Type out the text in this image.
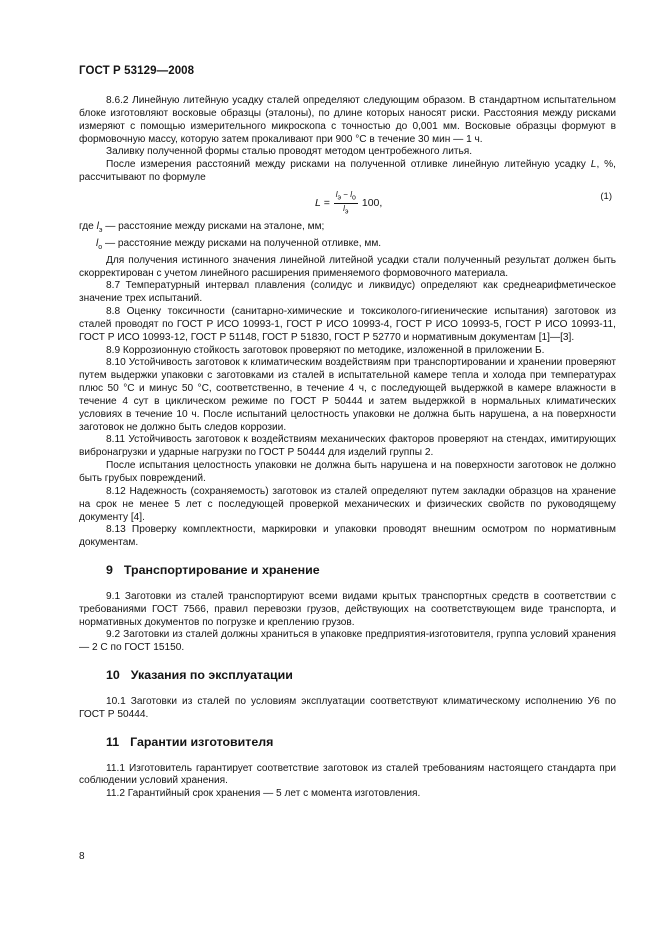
ГОСТ Р 53129—2008

8.6.2 Линейную литейную усадку сталей определяют следующим образом. В стандартном испытательном блоке изготовляют восковые образцы (эталоны), по длине которых наносят риски. Расстояния между рисками измеряют с помощью измерительного микроскопа с точностью до 0,001 мм. Восковые образцы формуют в формовочную массу, которую затем прокаливают при 900 °С в течение 30 мин — 1 ч.

Заливку полученной формы сталью проводят методом центробежного литья.

После измерения расстояний между рисками на полученной отливке линейную литейную усадку L, %, рассчитывают по формуле

$L = \frac{l_э - l_о}{l_э} 100$,
(1)

где $l_э$ — расстояние между рисками на эталоне, мм;

$l_о$ — расстояние между рисками на полученной отливке, мм.

Для получения истинного значения линейной литейной усадки стали полученный результат должен быть скорректирован с учетом линейного расширения применяемого формовочного материала.

8.7 Температурный интервал плавления (солидус и ликвидус) определяют как среднеарифметическое значение трех испытаний.

8.8 Оценку токсичности (санитарно-химические и токсиколого-гигиенические испытания) заготовок из сталей проводят по ГОСТ Р ИСО 10993-1, ГОСТ Р ИСО 10993-4, ГОСТ Р ИСО 10993-5, ГОСТ Р ИСО 10993-11, ГОСТ Р ИСО 10993-12, ГОСТ Р 51148, ГОСТ Р 51830, ГОСТ Р 52770 и нормативным документам [1]—[3].

8.9 Коррозионную стойкость заготовок проверяют по методике, изложенной в приложении Б.

8.10 Устойчивость заготовок к климатическим воздействиям при транспортировании и хранении проверяют путем выдержки упаковки с заготовками из сталей в испытательной камере тепла и холода при температурах плюс 50 °С и минус 50 °С, соответственно, в течение 4 ч, с последующей выдержкой в камере влажности в течение 4 сут в циклическом режиме по ГОСТ Р 50444 и затем выдержкой в нормальных климатических условиях в течение 10 ч. После испытаний целостность упаковки не должна быть нарушена, а на поверхности заготовок не должно быть следов коррозии.

8.11 Устойчивость заготовок к воздействиям механических факторов проверяют на стендах, имитирующих вибронагрузки и ударные нагрузки по ГОСТ Р 50444 для изделий группы 2.

После испытания целостность упаковки не должна быть нарушена и на поверхности заготовок не должно быть грубых повреждений.

8.12 Надежность (сохраняемость) заготовок из сталей определяют путем закладки образцов на хранение на срок не менее 5 лет с последующей проверкой механических и физических свойств по руководящему документу [4].

8.13 Проверку комплектности, маркировки и упаковки проводят внешним осмотром по нормативным документам.

9 Транспортирование и хранение

9.1 Заготовки из сталей транспортируют всеми видами крытых транспортных средств в соответствии с требованиями ГОСТ 7566, правил перевозки грузов, действующих на соответствующем виде транспорта, и нормативных документов по погрузке и креплению грузов.

9.2 Заготовки из сталей должны храниться в упаковке предприятия-изготовителя, группа условий хранения — 2 С по ГОСТ 15150.

10 Указания по эксплуатации

10.1 Заготовки из сталей по условиям эксплуатации соответствуют климатическому исполнению У6 по ГОСТ Р 50444.

11 Гарантии изготовителя

11.1 Изготовитель гарантирует соответствие заготовок из сталей требованиям настоящего стандарта при соблюдении условий хранения.

11.2 Гарантийный срок хранения — 5 лет с момента изготовления.

8
